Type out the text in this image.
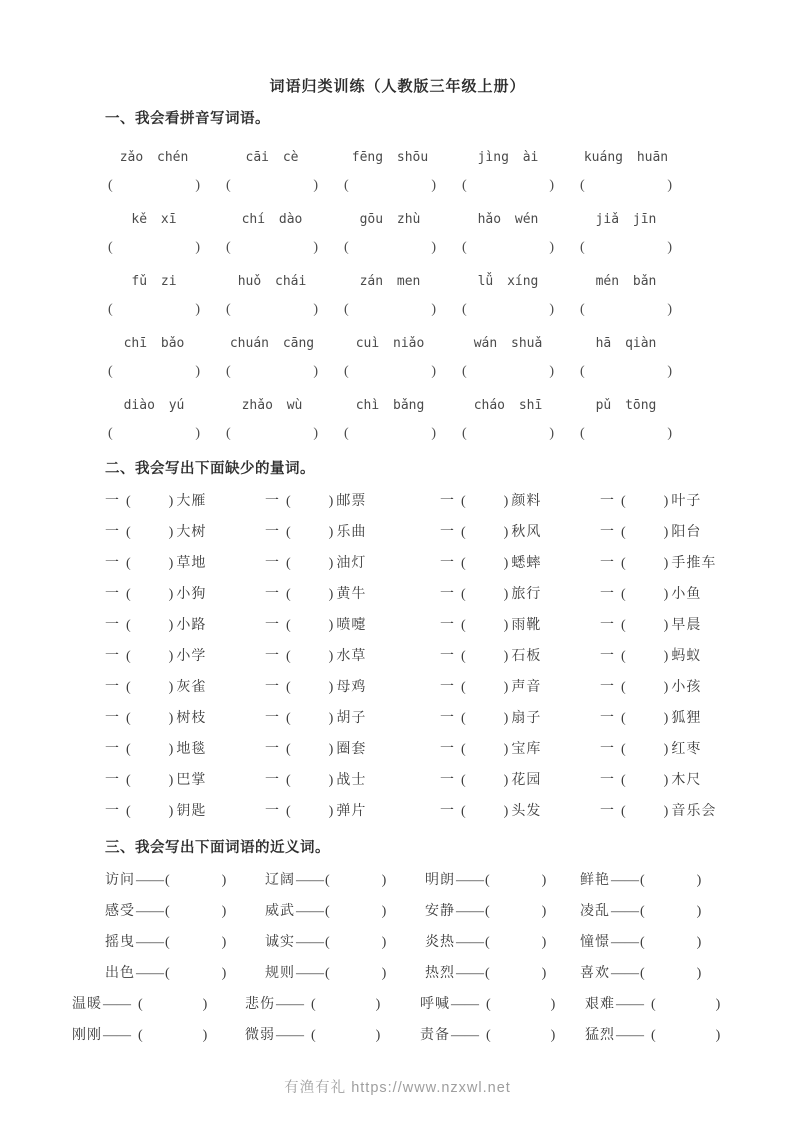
词语归类训练（人教版三年级上册）
一、我会看拼音写词语。
zǎo chén	cāi cè	fēng shōu	jìng ài	kuáng huān
(	) (	) (	) (	) (	)
kě xī	chí dào	gōu zhù	hǎo wén	jiǎ jīn
(	) (	) (	) (	) (	)
fǔ zi	huǒ chái	zán men	lǚ xíng	mén bǎn
(	) (	) (	) (	) (	)
chī bǎo	chuán cāng	cuì niǎo	wán shuǎ	hā qiàn
(	) (	) (	) (	) (	)
diào yú	zhǎo wù	chì bǎng	cháo shī	pǔ tōng
(	) (	) (	) (	) (	)
二、我会写出下面缺少的量词。
一 (	) 大雁	一 (	) 邮票	一 (	) 颜料	一 (	) 叶子
一 (	) 大树	一 (	) 乐曲	一 (	) 秋风	一 (	) 阳台
一 (	) 草地	一 (	) 油灯	一 (	) 蟋蟀	一 (	) 手推车
一 (	) 小狗	一 (	) 黄牛	一 (	) 旅行	一 (	) 小鱼
一 (	) 小路	一 (	) 喷嚏	一 (	) 雨靴	一 (	) 早晨
一 (	) 小学	一 (	) 水草	一 (	) 石板	一 (	) 蚂蚁
一 (	) 灰雀	一 (	) 母鸡	一 (	) 声音	一 (	) 小孩
一 (	) 树枝	一 (	) 胡子	一 (	) 扇子	一 (	) 狐狸
一 (	) 地毯	一 (	) 圈套	一 (	) 宝库	一 (	) 红枣
一 (	) 巴掌	一 (	) 战士	一 (	) 花园	一 (	) 木尺
一 (	) 钥匙	一 (	) 弹片	一 (	) 头发	一 (	) 音乐会
三、我会写出下面词语的近义词。
访问 —— (	)	辽阔 —— (	)	明朗 —— (	) 鲜艳 —— (	)
感受 —— (	)	威武 —— (	)	安静 —— (	) 凌乱 —— (	)
摇曳 —— (	)	诚实 —— (	)	炎热 —— (	) 憧憬 —— (	)
出色 —— (	)	规则 —— (	)	热烈 —— (	) 喜欢 —— (	)
温暖 —— (	)	悲伤 —— (	)	呼喊 —— (	) 艰难 —— (	)
刚刚 —— (	)	微弱 —— (	)	责备 —— (	) 猛烈 —— (	)
有渔有礼 https://www.nzxwl.net
